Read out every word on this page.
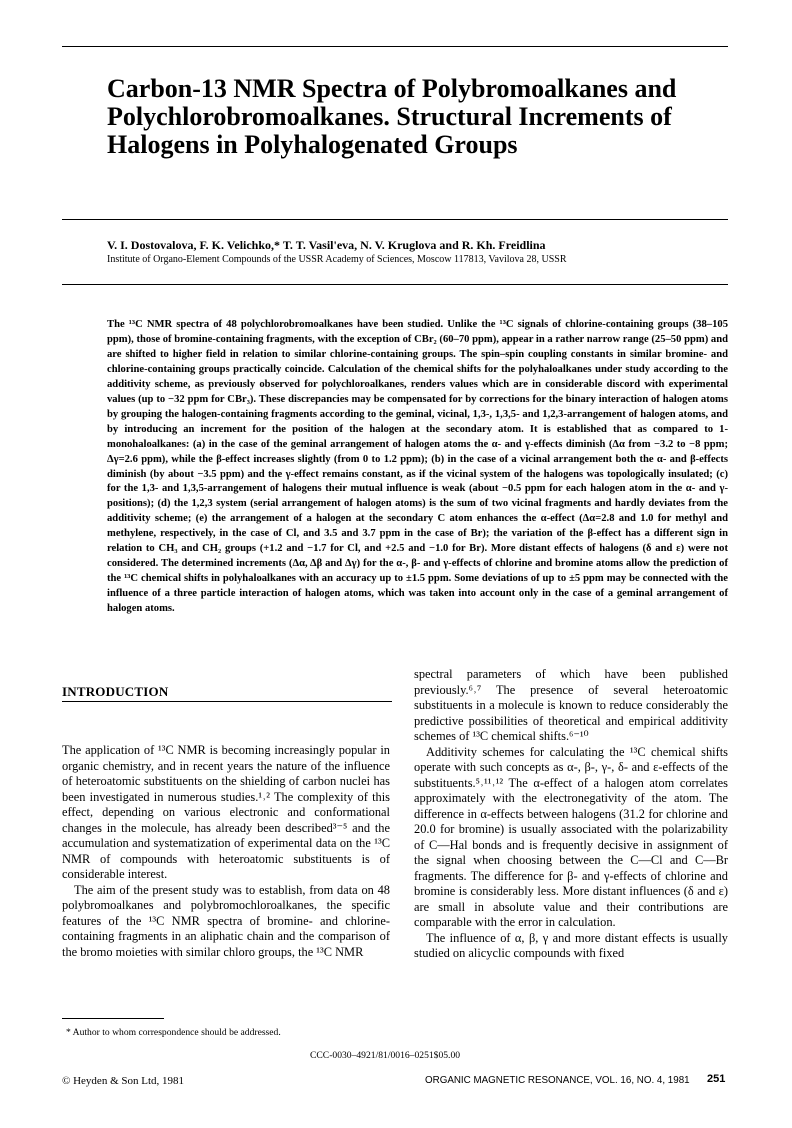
Carbon-13 NMR Spectra of Polybromoalkanes and Polychlorobromoalkanes. Structural Increments of Halogens in Polyhalogenated Groups
V. I. Dostovalova, F. K. Velichko,* T. T. Vasil'eva, N. V. Kruglova and R. Kh. Freidlina
Institute of Organo-Element Compounds of the USSR Academy of Sciences, Moscow 117813, Vavilova 28, USSR

The ¹³C NMR spectra of 48 polychlorobromoalkanes have been studied. Unlike the ¹³C signals of chlorine-containing groups (38–105 ppm), those of bromine-containing fragments, with the exception of CBr₂ (60–70 ppm), appear in a rather narrow range (25–50 ppm) and are shifted to higher field in relation to similar chlorine-containing groups. The spin–spin coupling constants in similar bromine- and chlorine-containing groups practically coincide. Calculation of the chemical shifts for the polyhaloalkanes under study according to the additivity scheme, as previously observed for polychloroalkanes, renders values which are in considerable discord with experimental values (up to −32 ppm for CBr₃). These discrepancies may be compensated for by corrections for the binary interaction of halogen atoms by grouping the halogen-containing fragments according to the geminal, vicinal, 1,3-, 1,3,5- and 1,2,3-arrangement of halogen atoms, and by introducing an increment for the position of the halogen at the secondary atom. It is established that as compared to 1-monohaloalkanes: (a) in the case of the geminal arrangement of halogen atoms the α- and γ-effects diminish (Δα from −3.2 to −8 ppm; Δγ=2.6 ppm), while the β-effect increases slightly (from 0 to 1.2 ppm); (b) in the case of a vicinal arrangement both the α- and β-effects diminish (by about −3.5 ppm) and the γ-effect remains constant, as if the vicinal system of the halogens was topologically insulated; (c) for the 1,3- and 1,3,5-arrangement of halogens their mutual influence is weak (about −0.5 ppm for each halogen atom in the α- and γ-positions); (d) the 1,2,3 system (serial arrangement of halogen atoms) is the sum of two vicinal fragments and hardly deviates from the additivity scheme; (e) the arrangement of a halogen at the secondary C atom enhances the α-effect (Δα=2.8 and 1.0 for methyl and methylene, respectively, in the case of Cl, and 3.5 and 3.7 ppm in the case of Br); the variation of the β-effect has a different sign in relation to CH₃ and CH₂ groups (+1.2 and −1.7 for Cl, and +2.5 and −1.0 for Br). More distant effects of halogens (δ and ε) were not considered. The determined increments (Δα, Δβ and Δγ) for the α-, β- and γ-effects of chlorine and bromine atoms allow the prediction of the ¹³C chemical shifts in polyhaloalkanes with an accuracy up to ±1.5 ppm. Some deviations of up to ±5 ppm may be connected with the influence of a three particle interaction of halogen atoms, which was taken into account only in the case of a geminal arrangement of halogen atoms.

INTRODUCTION

The application of ¹³C NMR is becoming increasingly popular in organic chemistry, and in recent years the nature of the influence of heteroatomic substituents on the shielding of carbon nuclei has been investigated in numerous studies.¹˒² The complexity of this effect, depending on various electronic and conformational changes in the molecule, has already been described³⁻⁵ and the accumulation and systematization of experimental data on the ¹³C NMR of compounds with heteroatomic substituents is of considerable interest.

The aim of the present study was to establish, from data on 48 polybromoalkanes and polybromochloroalkanes, the specific features of the ¹³C NMR spectra of bromine- and chlorine-containing fragments in an aliphatic chain and the comparison of the bromo moieties with similar chloro groups, the ¹³C NMR

spectral parameters of which have been published previously.⁶˒⁷ The presence of several heteroatomic substituents in a molecule is known to reduce considerably the predictive possibilities of theoretical and empirical additivity schemes of ¹³C chemical shifts.⁶⁻¹⁰

Additivity schemes for calculating the ¹³C chemical shifts operate with such concepts as α-, β-, γ-, δ- and ε-effects of the substituents.⁵˒¹¹˒¹² The α-effect of a halogen atom correlates approximately with the electronegativity of the atom. The difference in α-effects between halogens (31.2 for chlorine and 20.0 for bromine) is usually associated with the polarizability of C—Hal bonds and is frequently decisive in assignment of the signal when choosing between the C—Cl and C—Br fragments. The difference for β- and γ-effects of chlorine and bromine is considerably less. More distant influences (δ and ε) are small in absolute value and their contributions are comparable with the error in calculation.

The influence of α, β, γ and more distant effects is usually studied on alicyclic compounds with fixed

* Author to whom correspondence should be addressed.
CCC-0030–4921/81/0016–0251$05.00
© Heyden & Son Ltd, 1981	ORGANIC MAGNETIC RESONANCE, VOL. 16, NO. 4, 1981 251
